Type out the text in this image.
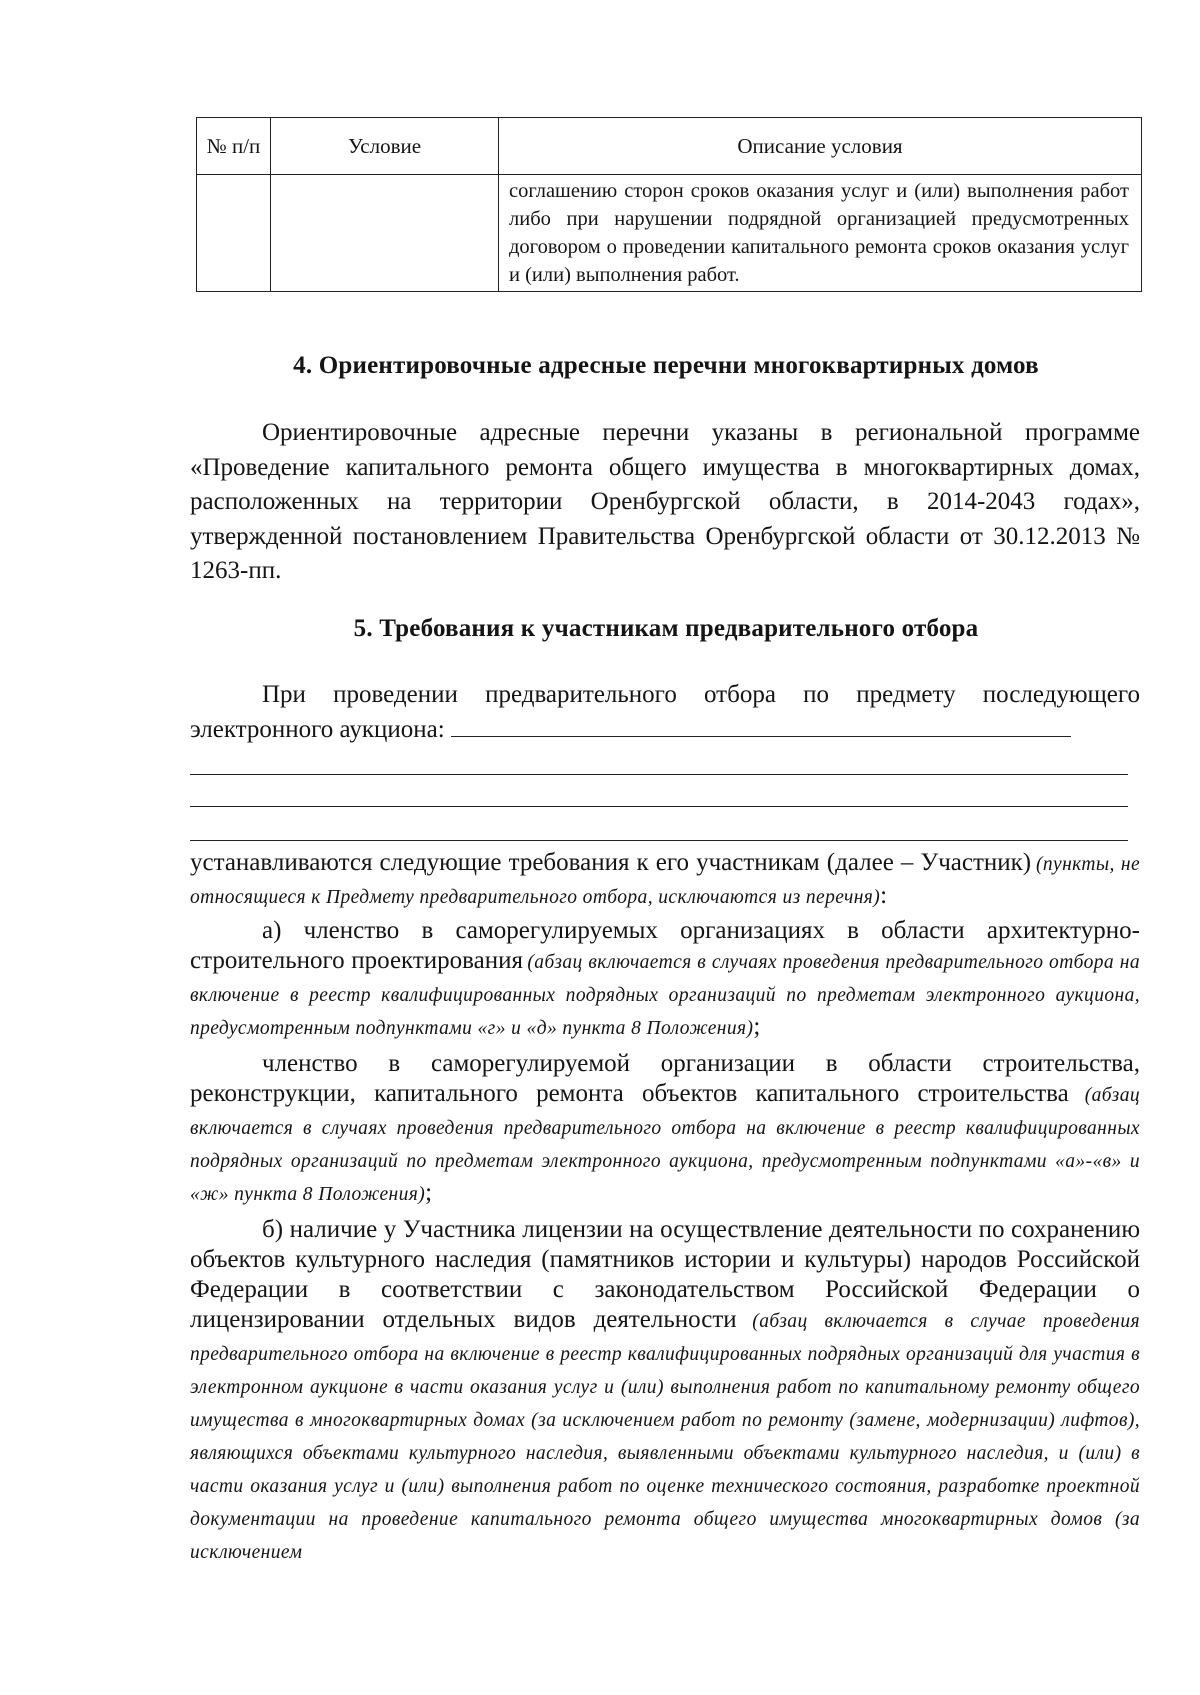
№ п/п	Условие	Описание условия
		соглашению сторон сроков оказания услуг и (или) выполнения работ либо при нарушении подрядной организацией предусмотренных договором о проведении капитального ремонта сроков оказания услуг и (или) выполнения работ.
4. Ориентировочные адресные перечни многоквартирных домов
Ориентировочные адресные перечни указаны в региональной программе «Проведение капитального ремонта общего имущества в многоквартирных домах, расположенных на территории Оренбургской области, в 2014-2043 годах», утвержденной постановлением Правительства Оренбургской области от 30.12.2013 № 1263-пп.
5. Требования к участникам предварительного отбора
При проведении предварительного отбора по предмету последующего электронного аукциона:

устанавливаются следующие требования к его участникам (далее – Участник) (пункты, не относящиеся к Предмету предварительного отбора, исключаются из перечня):

а) членство в саморегулируемых организациях в области архитектурно-строительного проектирования (абзац включается в случаях проведения предварительного отбора на включение в реестр квалифицированных подрядных организаций по предметам электронного аукциона, предусмотренным подпунктами «г» и «д» пункта 8 Положения);

членство в саморегулируемой организации в области строительства, реконструкции, капитального ремонта объектов капитального строительства (абзац включается в случаях проведения предварительного отбора на включение в реестр квалифицированных подрядных организаций по предметам электронного аукциона, предусмотренным подпунктами «а»-«в» и «ж» пункта 8 Положения);

б) наличие у Участника лицензии на осуществление деятельности по сохранению объектов культурного наследия (памятников истории и культуры) народов Российской Федерации в соответствии с законодательством Российской Федерации о лицензировании отдельных видов деятельности (абзац включается в случае проведения предварительного отбора на включение в реестр квалифицированных подрядных организаций для участия в электронном аукционе в части оказания услуг и (или) выполнения работ по капитальному ремонту общего имущества в многоквартирных домах (за исключением работ по ремонту (замене, модернизации) лифтов), являющихся объектами культурного наследия, выявленными объектами культурного наследия, и (или) в части оказания услуг и (или) выполнения работ по оценке технического состояния, разработке проектной документации на проведение капитального ремонта общего имущества многоквартирных домов (за исключением
